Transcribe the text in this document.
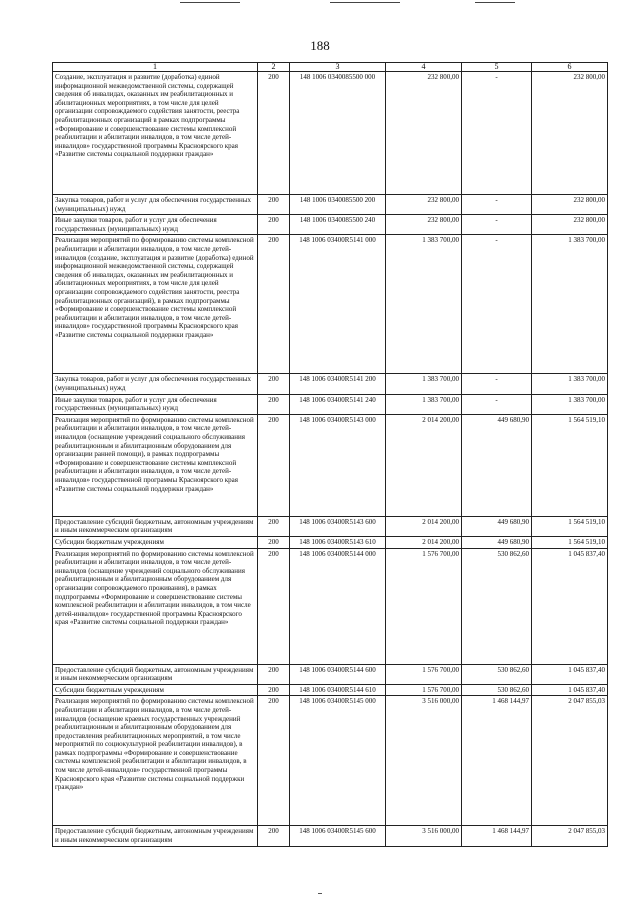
188
1	2	3	4	5	6
Создание, эксплуатация и развитие (доработка) единой информационной межведомственной системы, содержащей сведения об инвалидах, оказанных им реабилитационных и абилитационных мероприятиях, в том числе для целей организации сопровождаемого содействия занятости, реестра реабилитационных организаций в рамках подпрограммы «Формирование и совершенствование системы комплексной реабилитации и абилитации инвалидов, в том числе детей-инвалидов» государственной программы Красноярского края «Развитие системы социальной поддержки граждан»	200	148 1006 0340085500 000	232 800,00	-	232 800,00
Закупка товаров, работ и услуг для обеспечения государственных (муниципальных) нужд	200	148 1006 0340085500 200	232 800,00	-	232 800,00
Иные закупки товаров, работ и услуг для обеспечения государственных (муниципальных) нужд	200	148 1006 0340085500 240	232 800,00	-	232 800,00
Реализация мероприятий по формированию системы комплексной реабилитации и абилитации инвалидов, в том числе детей-инвалидов (создание, эксплуатация и развитие (доработка) единой информационной межведомственной системы, содержащей сведения об инвалидах, оказанных им реабилитационных и абилитационных мероприятиях, в том числе для целей организации сопровождаемого содействия занятости, реестра реабилитационных организаций), в рамках подпрограммы «Формирование и совершенствование системы комплексной реабилитации и абилитации инвалидов, в том числе детей-инвалидов» государственной программы Красноярского края «Развитие системы социальной поддержки граждан»	200	148 1006 03400R5141 000	1 383 700,00	-	1 383 700,00
Закупка товаров, работ и услуг для обеспечения государственных (муниципальных) нужд	200	148 1006 03400R5141 200	1 383 700,00	-	1 383 700,00
Иные закупки товаров, работ и услуг для обеспечения государственных (муниципальных) нужд	200	148 1006 03400R5141 240	1 383 700,00	-	1 383 700,00
Реализация мероприятий по формированию системы комплексной реабилитации и абилитации инвалидов, в том числе детей-инвалидов (оснащение учреждений социального обслуживания реабилитационным и абилитационным оборудованием для организации ранней помощи), в рамках подпрограммы «Формирование и совершенствование системы комплексной реабилитации и абилитации инвалидов, в том числе детей-инвалидов» государственной программы Красноярского края «Развитие системы социальной поддержки граждан»	200	148 1006 03400R5143 000	2 014 200,00	449 680,90	1 564 519,10
Предоставление субсидий бюджетным, автономным учреждениям и иным некоммерческим организациям	200	148 1006 03400R5143 600	2 014 200,00	449 680,90	1 564 519,10
Субсидии бюджетным учреждениям	200	148 1006 03400R5143 610	2 014 200,00	449 680,90	1 564 519,10
Реализация мероприятий по формированию системы комплексной реабилитации и абилитации инвалидов, в том числе детей-инвалидов (оснащение учреждений социального обслуживания реабилитационным и абилитационным оборудованием для организации сопровождаемого проживания), в рамках подпрограммы «Формирование и совершенствование системы комплексной реабилитации и абилитации инвалидов, в том числе детей-инвалидов» государственной программы Красноярского края «Развитие системы социальной поддержки граждан»	200	148 1006 03400R5144 000	1 576 700,00	530 862,60	1 045 837,40
Предоставление субсидий бюджетным, автономным учреждениям и иным некоммерческим организациям	200	148 1006 03400R5144 600	1 576 700,00	530 862,60	1 045 837,40
Субсидии бюджетным учреждениям	200	148 1006 03400R5144 610	1 576 700,00	530 862,60	1 045 837,40
Реализация мероприятий по формированию системы комплексной реабилитации и абилитации инвалидов, в том числе детей-инвалидов (оснащение краевых государственных учреждений реабилитационным и абилитационным оборудованием для предоставления реабилитационных мероприятий, в том числе мероприятий по социокультурной реабилитации инвалидов), в рамках подпрограммы «Формирование и совершенствование системы комплексной реабилитации и абилитации инвалидов, в том числе детей-инвалидов» государственной программы Красноярского края «Развитие системы социальной поддержки граждан»	200	148 1006 03400R5145 000	3 516 000,00	1 468 144,97	2 047 855,03
Предоставление субсидий бюджетным, автономным учреждениям и иным некоммерческим организациям	200	148 1006 03400R5145 600	3 516 000,00	1 468 144,97	2 047 855,03
